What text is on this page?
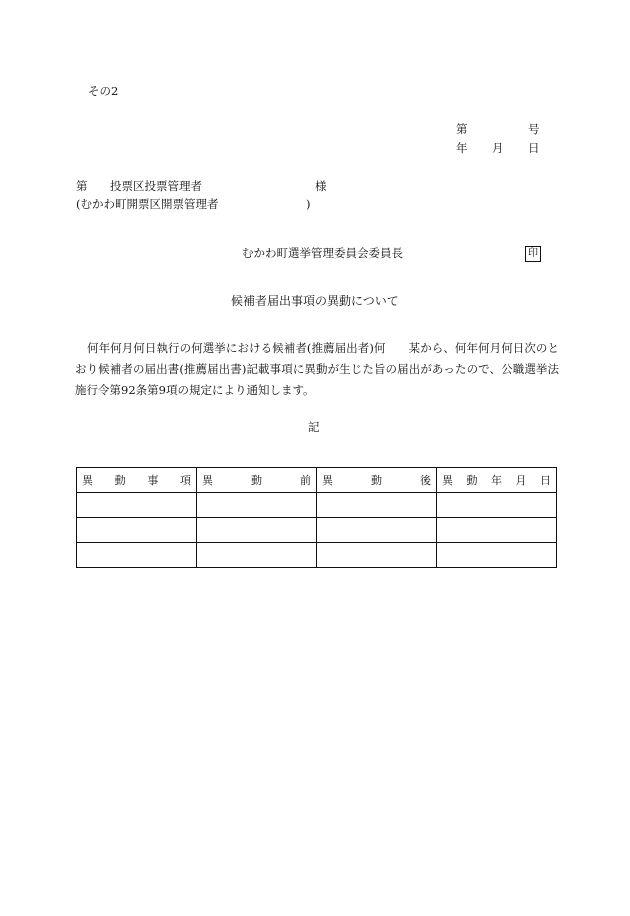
その2
第	号
年 月 日
第 投票区投票管理者	様
(むかわ町開票区開票管理者	)
むかわ町選挙管理委員会委員長	印
候補者届出事項の異動について
何年何月何日執行の何選挙における候補者(推薦届出者)何　　某から、何年何月何日次のとおり候補者の届出書(推薦届出書)記載事項に異動が生じた旨の届出があったので、公職選挙法施行令第92条第9項の規定により通知します。
記
異 動 事 項	異 動 前	異 動 後	異 動 年 月 日
